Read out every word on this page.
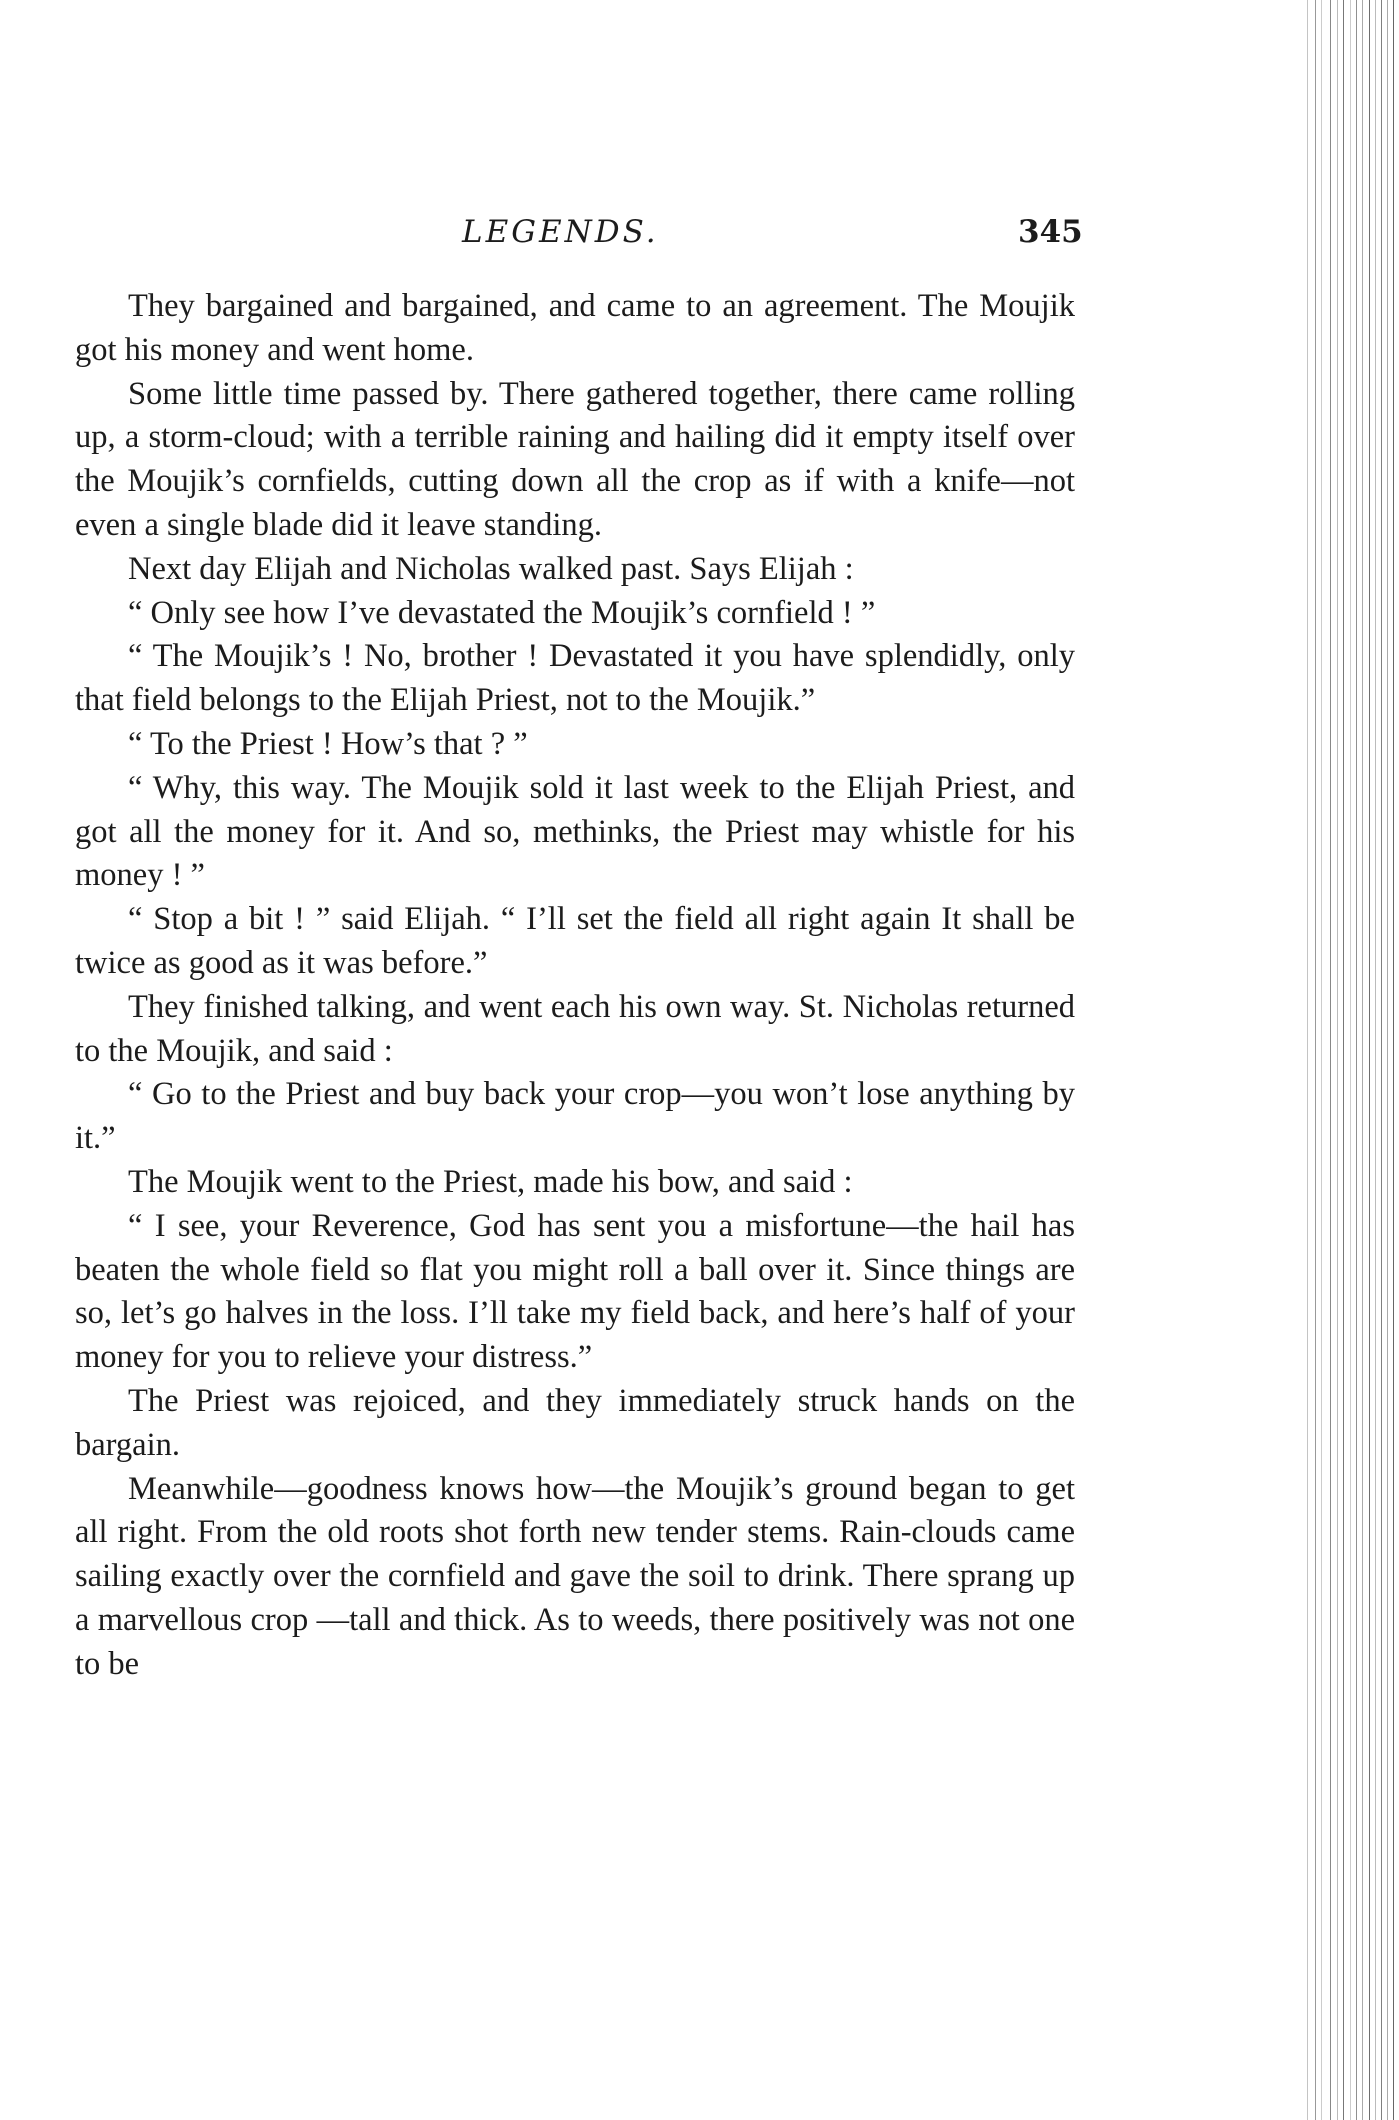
LEGENDS.	345

They bargained and bargained, and came to an agreement. The Moujik got his money and went home.

Some little time passed by. There gathered together, there came rolling up, a storm-cloud; with a terrible raining and hailing did it empty itself over the Moujik’s cornfields, cutting down all the crop as if with a knife—not even a single blade did it leave standing.

Next day Elijah and Nicholas walked past. Says Elijah :

“ Only see how I’ve devastated the Moujik’s cornfield ! ”

“ The Moujik’s ! No, brother ! Devastated it you have splendidly, only that field belongs to the Elijah Priest, not to the Moujik.”

“ To the Priest ! How’s that ? ”

“ Why, this way. The Moujik sold it last week to the Elijah Priest, and got all the money for it. And so, methinks, the Priest may whistle for his money ! ”

“ Stop a bit ! ” said Elijah. “ I’ll set the field all right again It shall be twice as good as it was before.”

They finished talking, and went each his own way. St. Nicholas returned to the Moujik, and said :

“ Go to the Priest and buy back your crop—you won’t lose anything by it.”

The Moujik went to the Priest, made his bow, and said :

“ I see, your Reverence, God has sent you a misfortune—the hail has beaten the whole field so flat you might roll a ball over it. Since things are so, let’s go halves in the loss. I’ll take my field back, and here’s half of your money for you to relieve your distress.”

The Priest was rejoiced, and they immediately struck hands on the bargain.

Meanwhile—goodness knows how—the Moujik’s ground began to get all right. From the old roots shot forth new tender stems. Rain-clouds came sailing exactly over the cornfield and gave the soil to drink. There sprang up a marvellous crop —tall and thick. As to weeds, there positively was not one to be
